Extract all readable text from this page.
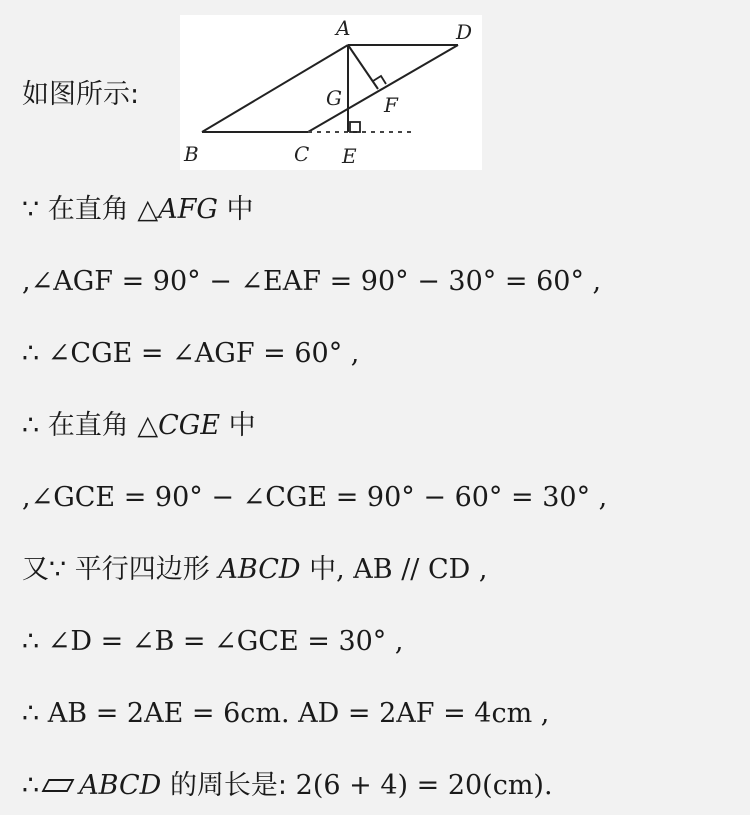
如图所示:
A	D
B	C E
F
G
∵ 在直角 △AFG 中
,∠AGF = 90° − ∠EAF = 90° − 30° = 60° ,
∴ ∠CGE = ∠AGF = 60° ,
∴ 在直角 △CGE 中
,∠GCE = 90° − ∠CGE = 90° − 60° = 30° ,
又∵ 平行四边形 ABCD 中, AB // CD ,
∴ ∠D = ∠B = ∠GCE = 30° ,
∴ AB = 2AE = 6cm. AD = 2AF = 4cm ,
∴ ABCD 的周长是: 2(6 + 4) = 20(cm).
